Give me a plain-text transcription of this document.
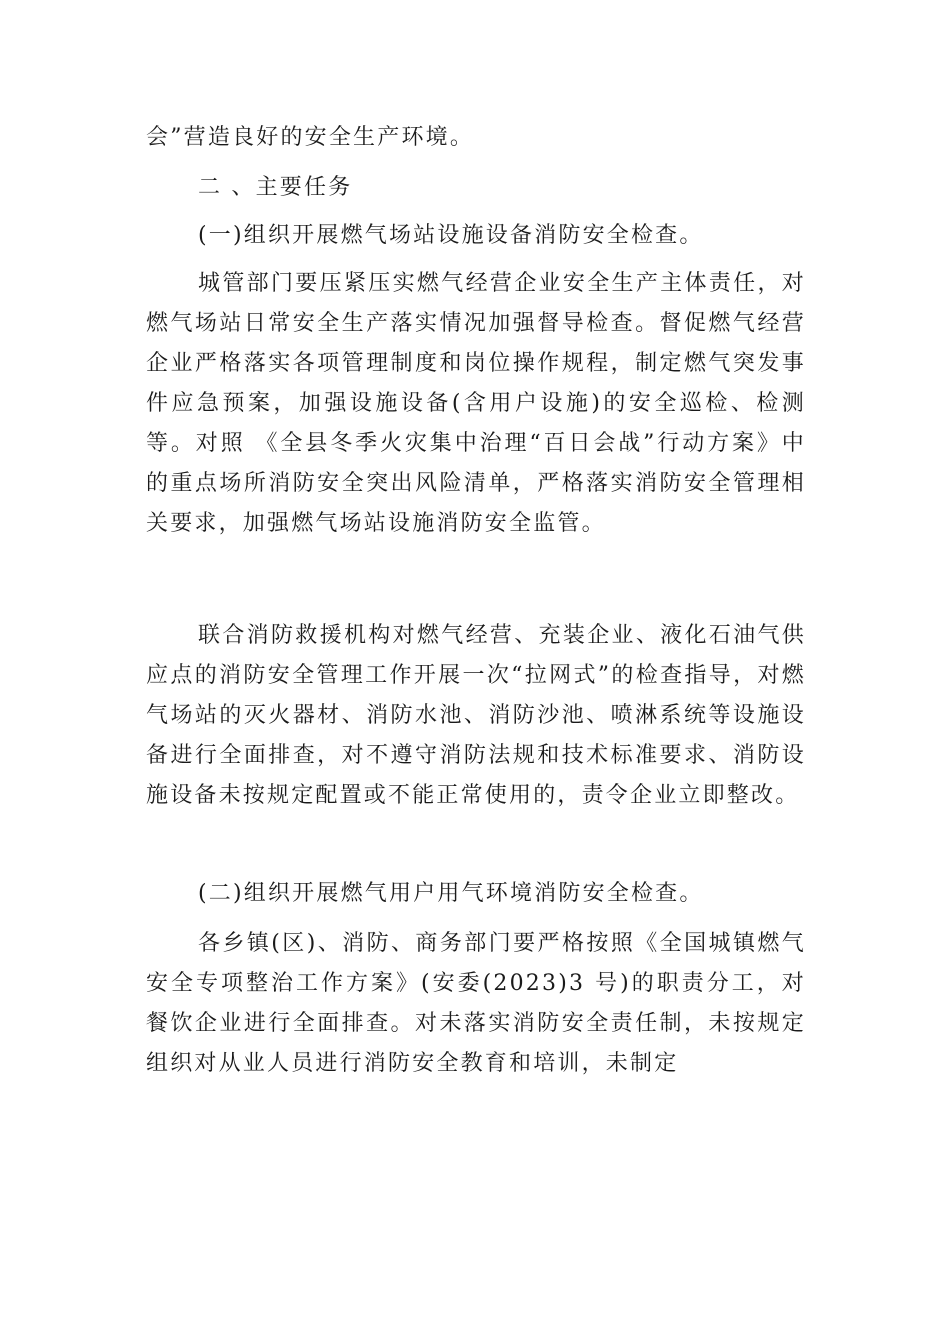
会”营造良好的安全生产环境。

二 、主要任务

(一)组织开展燃气场站设施设备消防安全检查。

城管部门要压紧压实燃气经营企业安全生产主体责任，对燃气场站日常安全生产落实情况加强督导检查。督促燃气经营企业严格落实各项管理制度和岗位操作规程，制定燃气突发事件应急预案，加强设施设备(含用户设施)的安全巡检、检测等。对照 《全县冬季火灾集中治理“百日会战”行动方案》中的重点场所消防安全突出风险清单，严格落实消防安全管理相关要求，加强燃气场站设施消防安全监管。

联合消防救援机构对燃气经营、充装企业、液化石油气供应点的消防安全管理工作开展一次“拉网式”的检查指导，对燃气场站的灭火器材、消防水池、消防沙池、喷淋系统等设施设备进行全面排查，对不遵守消防法规和技术标准要求、消防设施设备未按规定配置或不能正常使用的，责令企业立即整改。

(二)组织开展燃气用户用气环境消防安全检查。

各乡镇(区)、消防、商务部门要严格按照《全国城镇燃气安全专项整治工作方案》(安委(2023)3 号)的职责分工，对餐饮企业进行全面排查。对未落实消防安全责任制，未按规定组织对从业人员进行消防安全教育和培训，未制定
